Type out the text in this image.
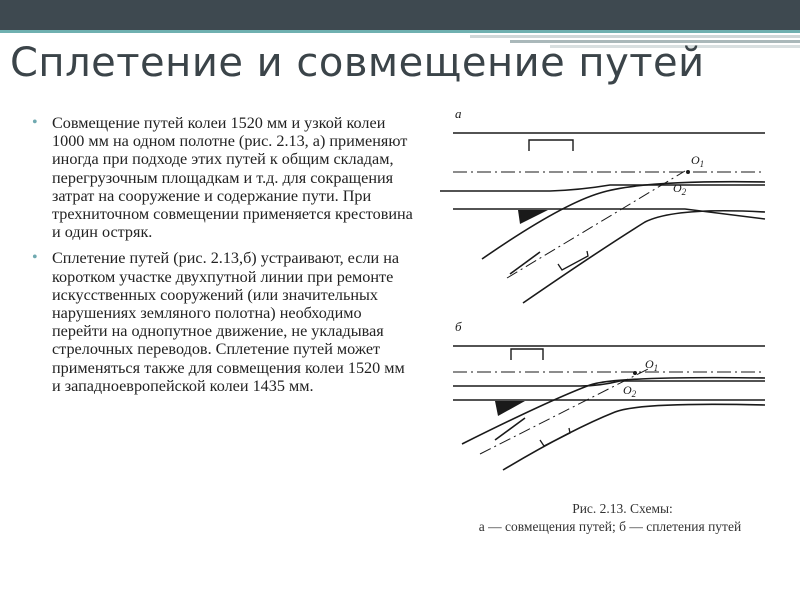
Сплетение и совмещение путей
• Совмещение путей колеи 1520 мм и узкой колеи 1000 мм на одном полотне (рис. 2.13, а) применяют иногда при подходе этих путей к общим складам, перегрузочным площадкам и т.д. для сокращения затрат на сооружение и содержание пути. При трехниточном совмещении применяется крестовина и один остряк.
• Сплетение путей (рис. 2.13,б) устраивают, если на коротком участке двухпутной линии при ремонте искусственных сооружений (или значительных нарушениях земляного полотна) необходимо перейти на однопутное движение, не укладывая стрелочных переводов. Сплетение путей может применяться также для совмещения колеи 1520 мм и западноевропейской колеи 1435 мм.
а
$O_1$
$O_2$
б
$O_1$
$O_2$
Рис. 2.13. Схемы:
а — совмещения путей; б — сплетения путей
